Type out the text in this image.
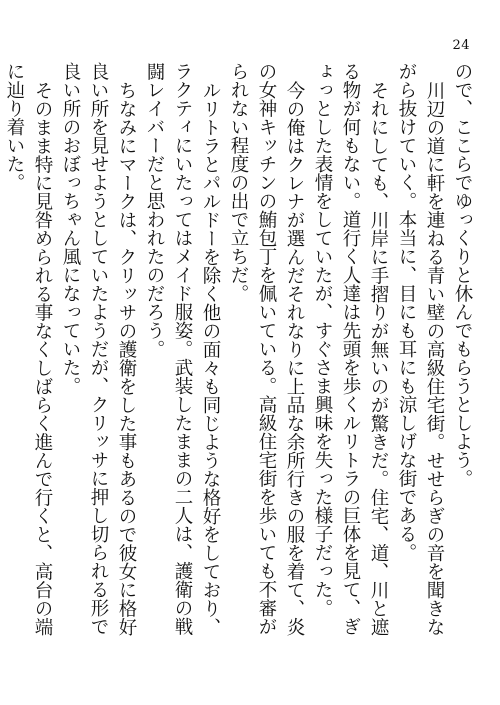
24

ので、ここらでゆっくりと休んでもらうとしよう。

川辺の道に軒を連ねる青い壁の高級住宅街。せせらぎの音を聞きながら抜けていく。本当に、目にも耳にも涼しげな街である。

それにしても、川岸に手摺りが無いのが驚きだ。住宅、道、川と遮る物が何もない。道行く人達は先頭を歩くルリトラの巨体を見て、ぎょっとした表情をしていたが、すぐさま興味を失った様子だった。

今の俺はクレナが選んだそれなりに上品な余所行きの服を着て、炎の女神キッチンの鮪包丁を佩いている。高級住宅街を歩いても不審がられない程度の出で立ちだ。

ルリトラとパルドーを除く他の面々も同じような格好をしており、ラクティにいたってはメイド服姿。武装したままの二人は、護衛の戦闘レイバーだと思われたのだろう。

ちなみにマークは、クリッサの護衛をした事もあるので彼女に格好良い所を見せようとしていたようだが、クリッサに押し切られる形で良い所のおぼっちゃん風になっていた。

そのまま特に見咎められる事なくしばらく進んで行くと、高台の端に辿り着いた。
